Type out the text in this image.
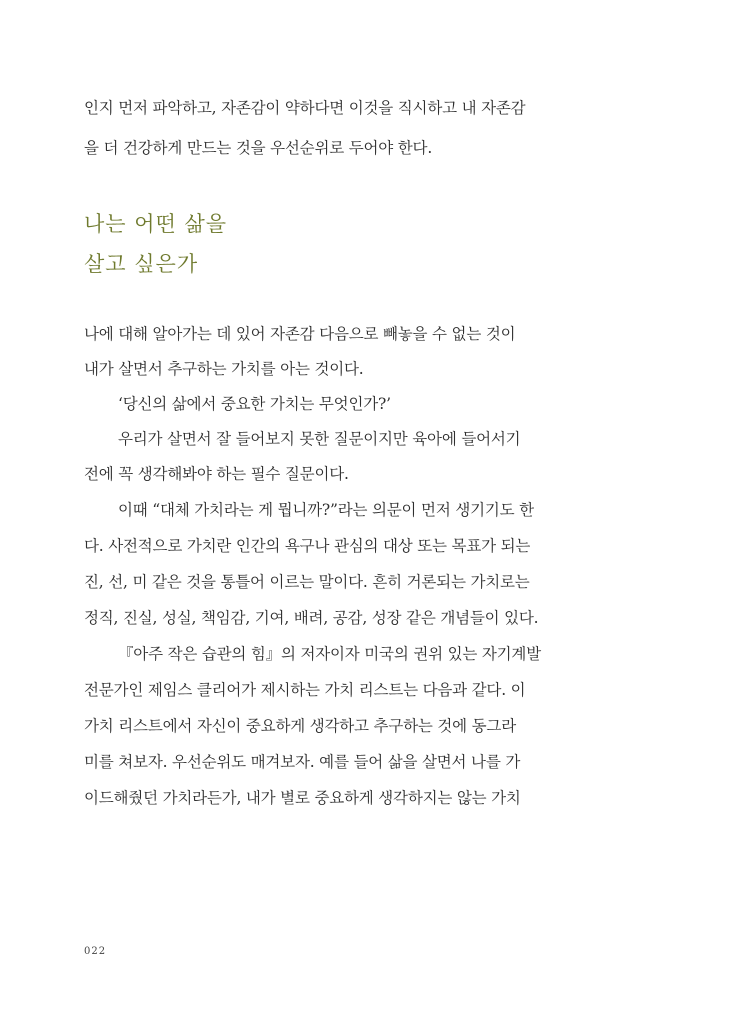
인지 먼저 파악하고, 자존감이 약하다면 이것을 직시하고 내 자존감
을 더 건강하게 만드는 것을 우선순위로 두어야 한다.
나는 어떤 삶을
살고 싶은가
나에 대해 알아가는 데 있어 자존감 다음으로 빼놓을 수 없는 것이
내가 살면서 추구하는 가치를 아는 것이다.
‘당신의 삶에서 중요한 가치는 무엇인가?’
우리가 살면서 잘 들어보지 못한 질문이지만 육아에 들어서기
전에 꼭 생각해봐야 하는 필수 질문이다.
이때 “대체 가치라는 게 뭡니까?”라는 의문이 먼저 생기기도 한
다. 사전적으로 가치란 인간의 욕구나 관심의 대상 또는 목표가 되는
진, 선, 미 같은 것을 통틀어 이르는 말이다. 흔히 거론되는 가치로는
정직, 진실, 성실, 책임감, 기여, 배려, 공감, 성장 같은 개념들이 있다.
『아주 작은 습관의 힘』의 저자이자 미국의 권위 있는 자기계발
전문가인 제임스 클리어가 제시하는 가치 리스트는 다음과 같다. 이
가치 리스트에서 자신이 중요하게 생각하고 추구하는 것에 동그라
미를 쳐보자. 우선순위도 매겨보자. 예를 들어 삶을 살면서 나를 가
이드해줬던 가치라든가, 내가 별로 중요하게 생각하지는 않는 가치
022
